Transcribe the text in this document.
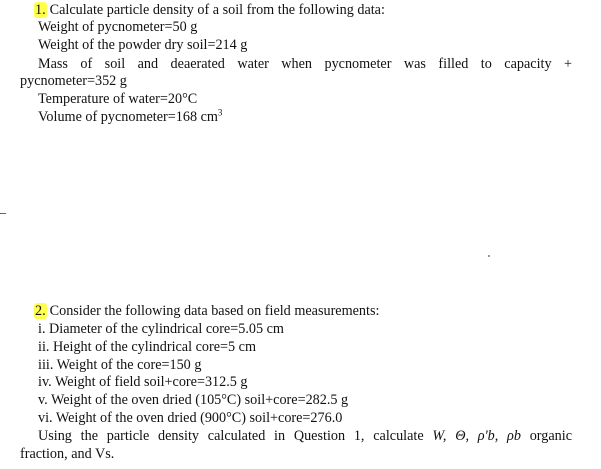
1. Calculate particle density of a soil from the following data:
Weight of pycnometer=50 g
Weight of the powder dry soil=214 g
Mass of soil and deaerated water when pycnometer was filled to capacity +
pycnometer=352 g
Temperature of water=20°C
Volume of pycnometer=168 $cm^3$
2. Consider the following data based on field measurements:
i. Diameter of the cylindrical core=5.05 cm
ii. Height of the cylindrical core=5 cm
iii. Weight of the core=150 g
iv. Weight of field soil+core=312.5 g
v. Weight of the oven dried (105°C) soil+core=282.5 g
vi. Weight of the oven dried (900°C) soil+core=276.0
Using the particle density calculated in Question 1, calculate W, Θ, ρ'b, ρb organic
fraction, and Vs.
